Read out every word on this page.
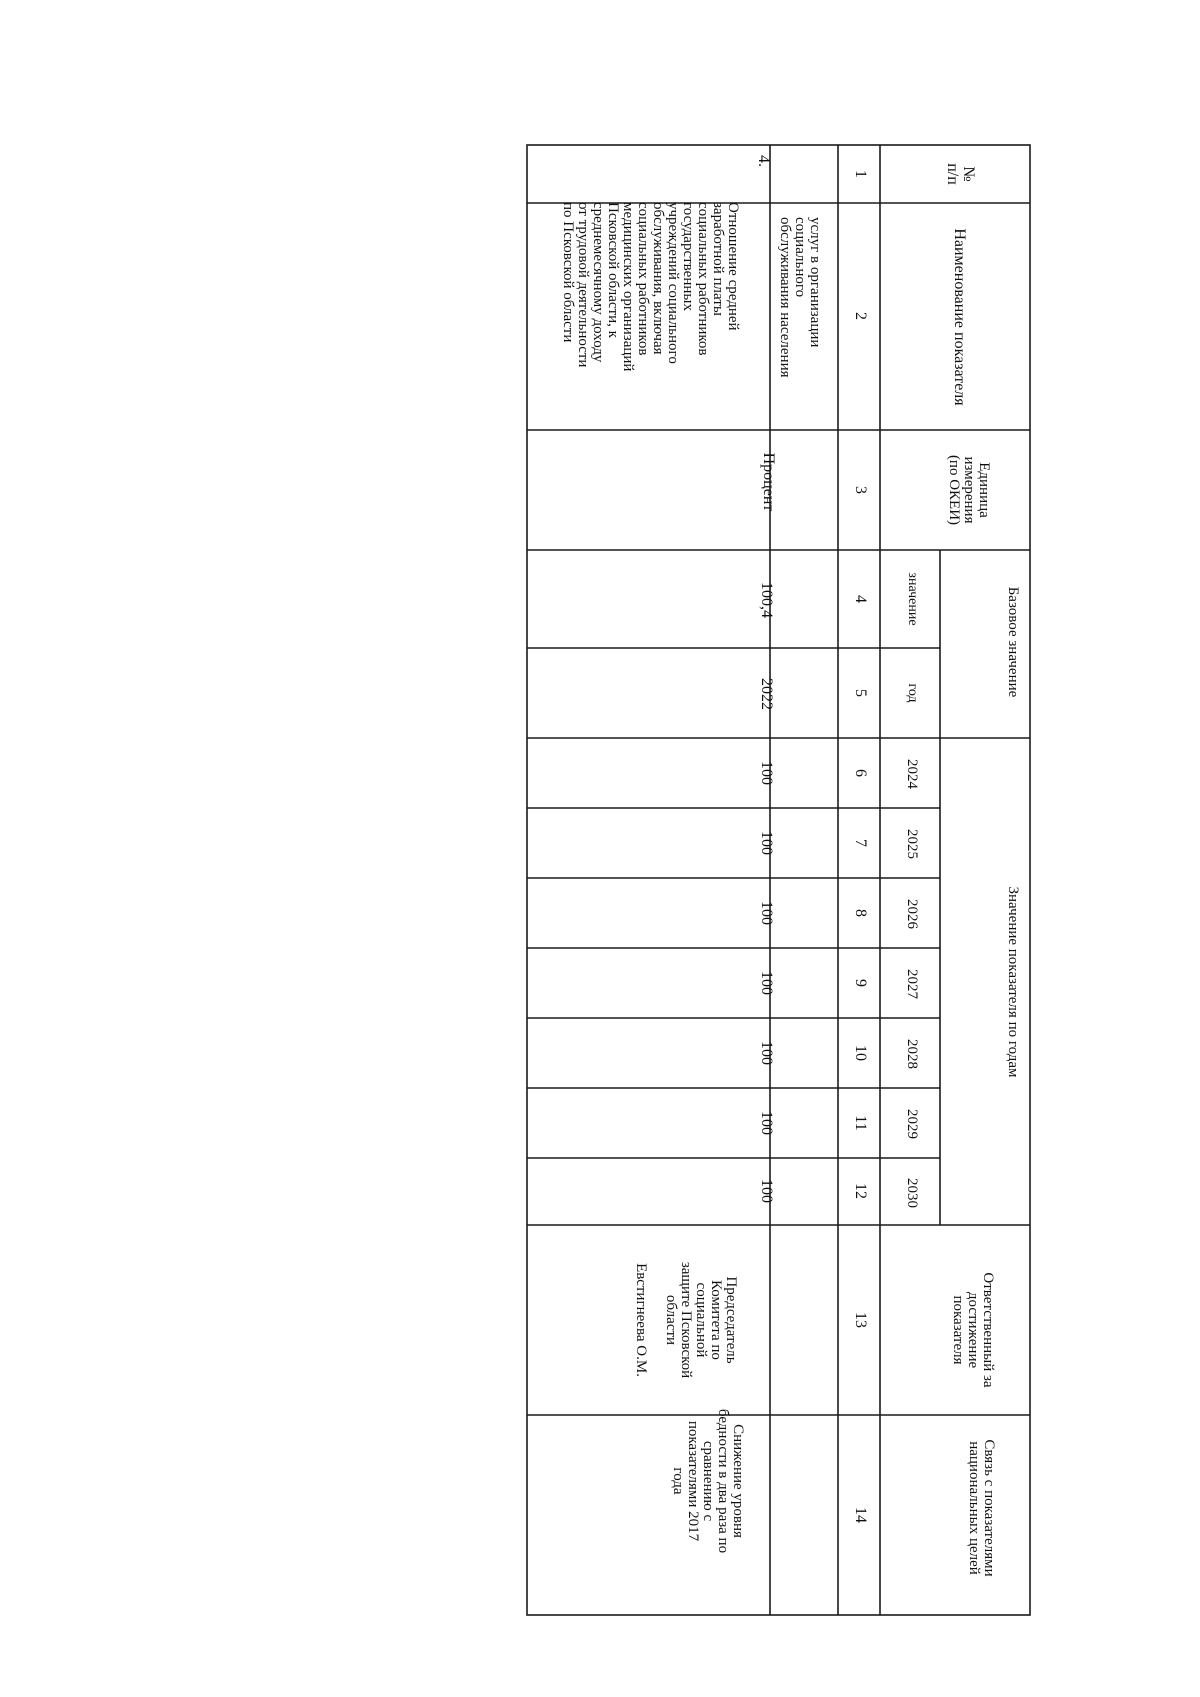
№
п/п
Наименование показателя
Единица
измерения
(по ОКЕИ)
Базовое значение
значение
год
Значение показателя по годам
Ответственный за
достижение
показателя
Связь с показателями
национальных целей
2024
2025
2026
2027
2028
2029
2030
1
2
3
4
5
6
7
8
9
10
11
12
13
14
услуг в организации
социального
обслуживания населения
4.
Отношение средней
заработной платы
социальных работников
государственных
учреждений социального
обслуживания, включая
социальных работников
медицинских организаций
Псковской области, к
среднемесячному доходу
от трудовой деятельности
по Псковской области
Процент
100,4
2022
100
100
100
100
100
100
100
Председатель
Комитета по
социальной
защите Псковской
области

Евстигнеева О.М.
Снижение уровня
бедности в два раза по
сравнению с
показателями 2017
года
